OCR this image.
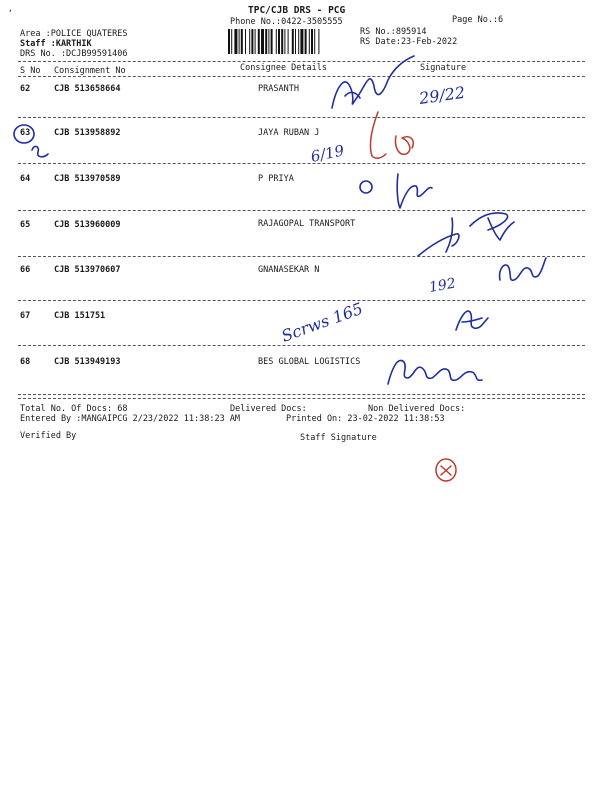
,	TPC/CJB DRS - PCG
Phone No.:0422-3505555	Page No.:6
RS No.:895914
RS Date:23-Feb-2022
Area :POLICE QUATERES
Staff :KARTHIK
DRS No. :DCJB99591406
S No Consignment No	Consignee Details	Signature
62	CJB 513658664	PRASANTH
63	CJB 513958892	JAYA RUBAN J
64	CJB 513970589	P PRIYA
65	CJB 513960009	RAJAGOPAL TRANSPORT
66	CJB 513970607	GNANASEKAR N
67	CJB 151751
68	CJB 513949193	BES GLOBAL LOGISTICS
Total No. Of Docs: 68	Delivered Docs:	Non Delivered Docs:
Entered By :MANGAIPCG 2/23/2022 11:38:23 AM	Printed On: 23-02-2022 11:38:53
Verified By	Staff Signature
29/22
6/19
192
Scrws 165
